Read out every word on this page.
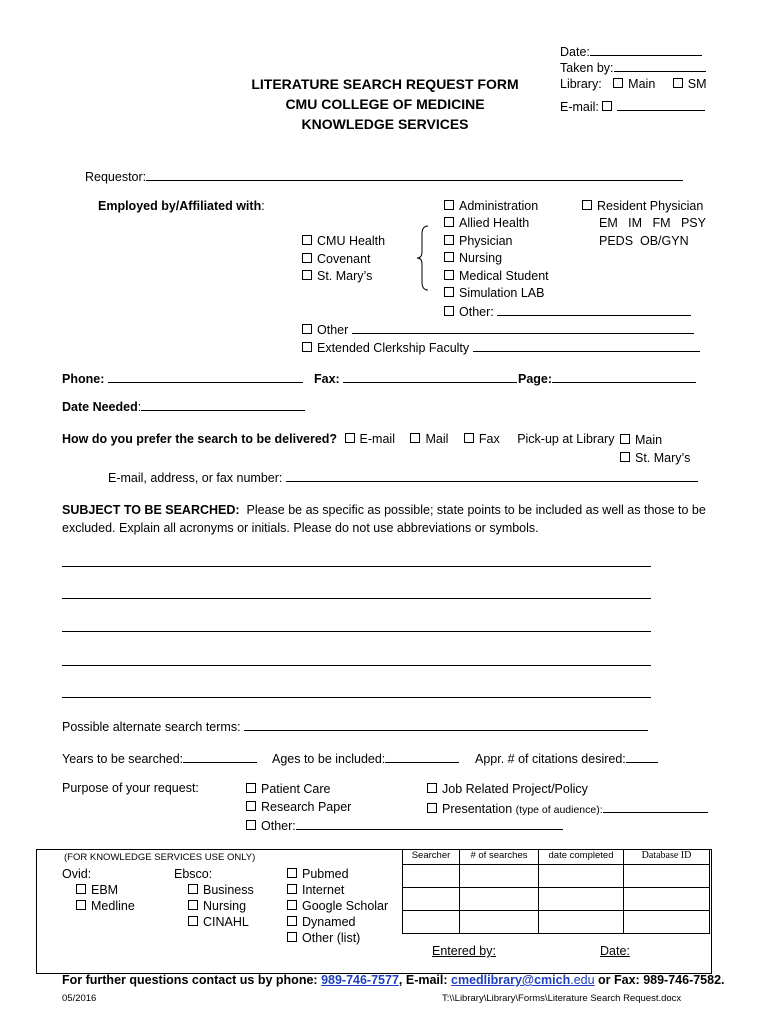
Date:
Taken by:
Library: Main	SM
E-mail:
LITERATURE SEARCH REQUEST FORM
CMU COLLEGE OF MEDICINE
KNOWLEDGE SERVICES
Requestor:
Employed by/Affiliated with:
CMU Health
Covenant
St. Mary’s
Administration
Allied Health
Physician
Nursing
Medical Student
Simulation LAB
Other:
Resident Physician
EM   IM   FM   PSY
PEDS  OB/GYN
Other
Extended Clerkship Faculty
Phone:	Fax:	Page:
Date Needed:
How do you prefer the search to be delivered? E-mail Mail Fax Pick-up at Library	Main
St. Mary’s
E-mail, address, or fax number:
SUBJECT TO BE SEARCHED: Please be as specific as possible; state points to be included as well as those to be
excluded. Explain all acronyms or initials. Please do not use abbreviations or symbols.
Possible alternate search terms:
Years to be searched:	Ages to be included:	Appr. # of citations desired:
Purpose of your request:	Patient Care
Research Paper
Other:
Job Related Project/Policy
Presentation (type of audience):
(FOR KNOWLEDGE SERVICES USE ONLY)
Ovid:
EBM
Medline
Ebsco:
Business
Nursing
CINAHL
Pubmed
Internet
Google Scholar
Dynamed
Other (list)
Searcher	# of searches	date completed	Database ID

Entered by:	Date:
For further questions contact us by phone: 989-746-7577, E-mail: cmedlibrary@cmich.edu or Fax: 989-746-7582.
05/2016	T:\\Library\Library\Forms\Literature Search Request.docx
